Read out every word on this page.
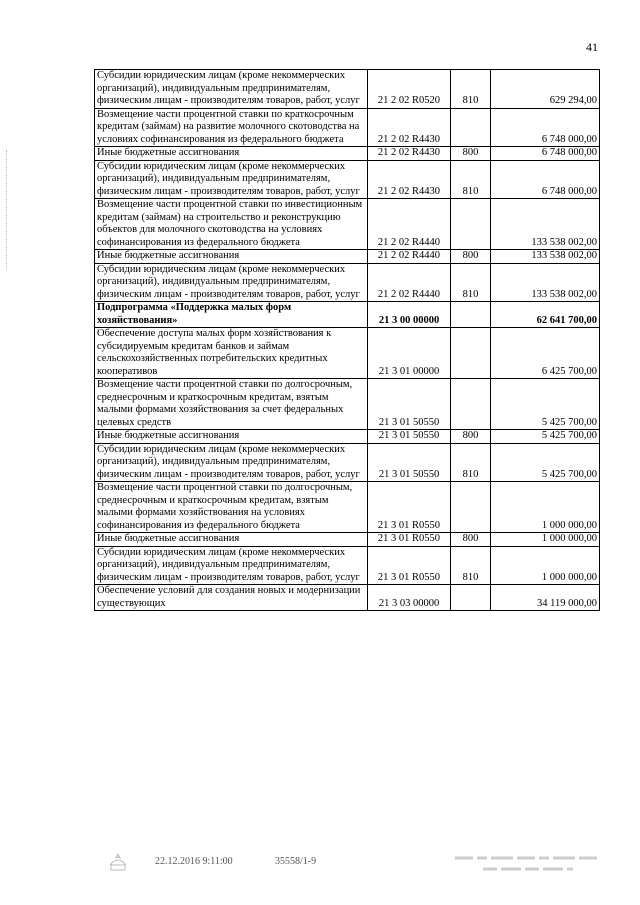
41
Субсидии юридическим лицам (кроме некоммерческих организаций), индивидуальным предпринимателям, физическим лицам - производителям товаров, работ, услуг	21 2 02 R0520	810	629 294,00
Возмещение части процентной ставки по краткосрочным кредитам (займам) на развитие молочного скотоводства на условиях софинансирования из федерального бюджета	21 2 02 R4430		6 748 000,00
Иные бюджетные ассигнования	21 2 02 R4430	800	6 748 000,00
Субсидии юридическим лицам (кроме некоммерческих организаций), индивидуальным предпринимателям, физическим лицам - производителям товаров, работ, услуг	21 2 02 R4430	810	6 748 000,00
Возмещение части процентной ставки по инвестиционным кредитам (займам) на строительство и реконструкцию объектов для молочного скотоводства на условиях софинансирования из федерального бюджета	21 2 02 R4440		133 538 002,00
Иные бюджетные ассигнования	21 2 02 R4440	800	133 538 002,00
Субсидии юридическим лицам (кроме некоммерческих организаций), индивидуальным предпринимателям, физическим лицам - производителям товаров, работ, услуг	21 2 02 R4440	810	133 538 002,00
Подпрограмма «Поддержка малых форм хозяйствования»	21 3 00 00000		62 641 700,00
Обеспечение доступа малых форм хозяйствования к субсидируемым кредитам банков и займам сельскохозяйственных потребительских кредитных кооперативов	21 3 01 00000		6 425 700,00
Возмещение части процентной ставки по долгосрочным, среднесрочным и краткосрочным кредитам, взятым малыми формами хозяйствования за счет федеральных целевых средств	21 3 01 50550		5 425 700,00
Иные бюджетные ассигнования	21 3 01 50550	800	5 425 700,00
Субсидии юридическим лицам (кроме некоммерческих организаций), индивидуальным предпринимателям, физическим лицам - производителям товаров, работ, услуг	21 3 01 50550	810	5 425 700,00
Возмещение части процентной ставки по долгосрочным, среднесрочным и краткосрочным кредитам, взятым малыми формами хозяйствования на условиях софинансирования из федерального бюджета	21 3 01 R0550		1 000 000,00
Иные бюджетные ассигнования	21 3 01 R0550	800	1 000 000,00
Субсидии юридическим лицам (кроме некоммерческих организаций), индивидуальным предпринимателям, физическим лицам - производителям товаров, работ, услуг	21 3 01 R0550	810	1 000 000,00
Обеспечение условий для создания новых и модернизации существующих	21 3 03 00000		34 119 000,00
22.12.2016 9:11:00	35558/1-9
